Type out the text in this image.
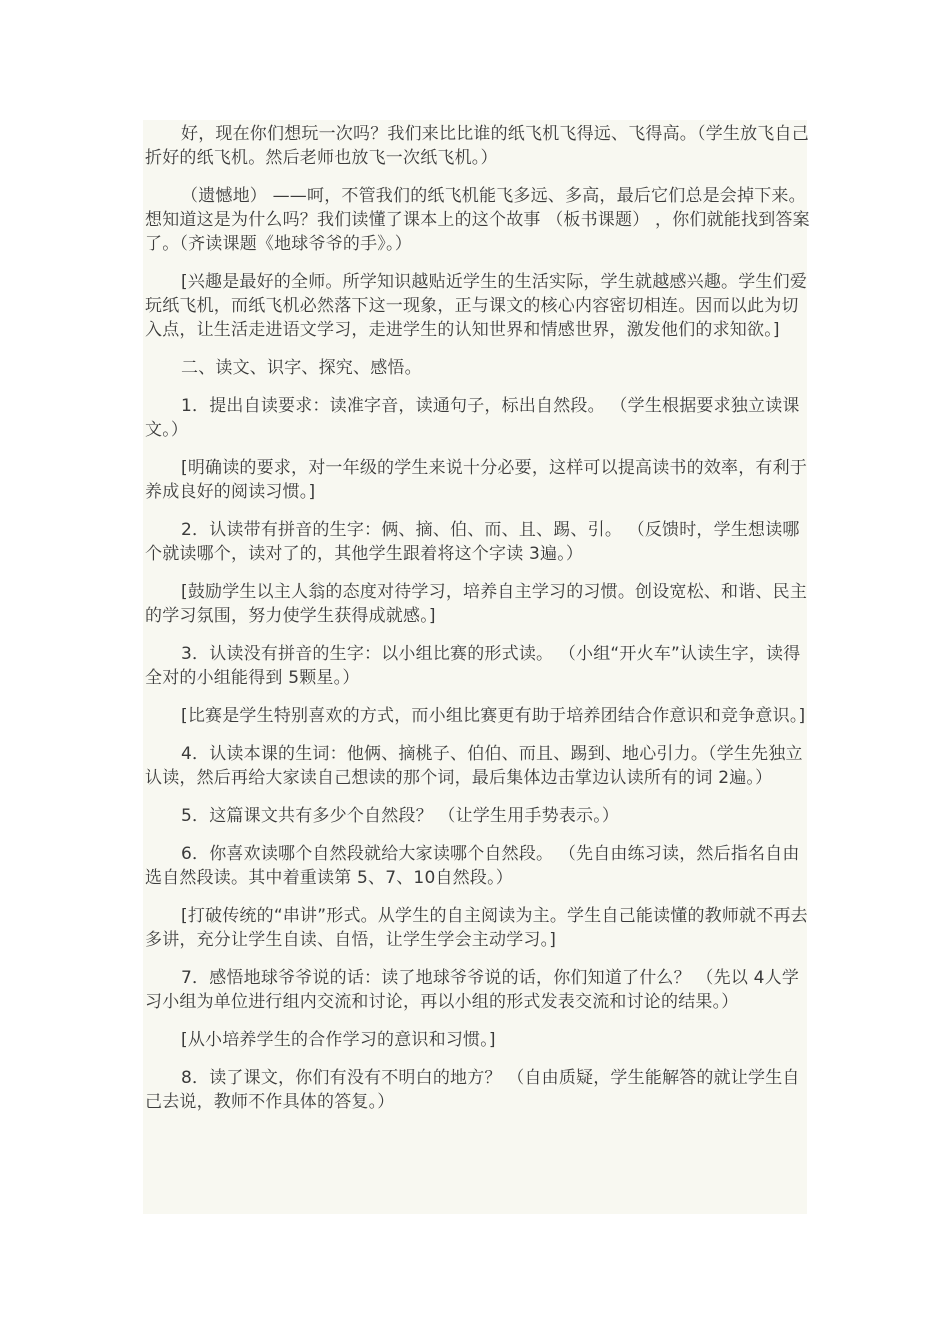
好，现在你们想玩一次吗？我们来比比谁的纸飞机飞得远、飞得高。（学生放飞自己折好的纸飞机。然后老师也放飞一次纸飞机。）

（遗憾地） ——呵，不管我们的纸飞机能飞多远、多高，最后它们总是会掉下来。想知道这是为什么吗？我们读懂了课本上的这个故事 （板书课题） ，你们就能找到答案了。（齐读课题《地球爷爷的手》。）

[兴趣是最好的全师。所学知识越贴近学生的生活实际，学生就越感兴趣。学生们爱玩纸飞机，而纸飞机必然落下这一现象，正与课文的核心内容密切相连。因而以此为切入点，让生活走进语文学习，走进学生的认知世界和情感世界，激发他们的求知欲。]

二、读文、识字、探究、感悟。

1．提出自读要求：读准字音，读通句子，标出自然段。 （学生根据要求独立读课文。）

[明确读的要求，对一年级的学生来说十分必要，这样可以提高读书的效率，有利于养成良好的阅读习惯。]

2．认读带有拼音的生字：俩、摘、伯、而、且、踢、引。 （反馈时，学生想读哪个就读哪个，读对了的，其他学生跟着将这个字读 3遍。）

[鼓励学生以主人翁的态度对待学习，培养自主学习的习惯。创设宽松、和谐、民主的学习氛围，努力使学生获得成就感。]

3．认读没有拼音的生字：以小组比赛的形式读。 （小组“开火车”认读生字，读得全对的小组能得到 5颗星。）

[比赛是学生特别喜欢的方式，而小组比赛更有助于培养团结合作意识和竞争意识。]

4．认读本课的生词：他俩、摘桃子、伯伯、而且、踢到、地心引力。（学生先独立认读，然后再给大家读自己想读的那个词，最后集体边击掌边认读所有的词 2遍。）

5．这篇课文共有多少个自然段？ （让学生用手势表示。）

6．你喜欢读哪个自然段就给大家读哪个自然段。 （先自由练习读，然后指名自由选自然段读。其中着重读第 5、7、10自然段。）

[打破传统的“串讲”形式。从学生的自主阅读为主。学生自己能读懂的教师就不再去多讲，充分让学生自读、自悟，让学生学会主动学习。]

7．感悟地球爷爷说的话：读了地球爷爷说的话，你们知道了什么？ （先以 4人学习小组为单位进行组内交流和讨论，再以小组的形式发表交流和讨论的结果。）

[从小培养学生的合作学习的意识和习惯。]

8．读了课文，你们有没有不明白的地方？ （自由质疑，学生能解答的就让学生自己去说，教师不作具体的答复。）
